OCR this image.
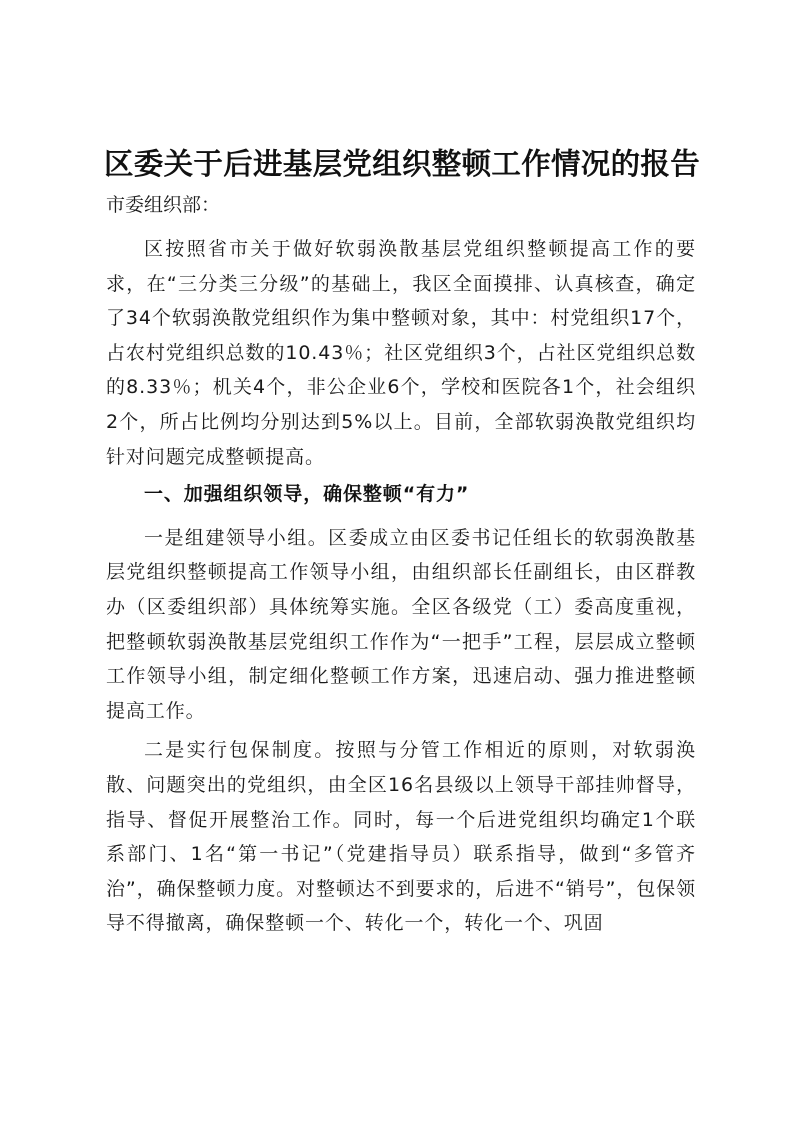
区委关于后进基层党组织整顿工作情况的报告
市委组织部：

区按照省市关于做好软弱涣散基层党组织整顿提高工作的要求，在“三分类三分级”的基础上，我区全面摸排、认真核查，确定了34个软弱涣散党组织作为集中整顿对象，其中：村党组织17个，占农村党组织总数的10.43％；社区党组织3个，占社区党组织总数的8.33％；机关4个，非公企业6个，学校和医院各1个，社会组织2个，所占比例均分别达到5%以上。目前，全部软弱涣散党组织均针对问题完成整顿提高。

一、加强组织领导，确保整顿“有力”

一是组建领导小组。区委成立由区委书记任组长的软弱涣散基层党组织整顿提高工作领导小组，由组织部长任副组长，由区群教办（区委组织部）具体统筹实施。全区各级党（工）委高度重视，把整顿软弱涣散基层党组织工作作为“一把手”工程，层层成立整顿工作领导小组，制定细化整顿工作方案，迅速启动、强力推进整顿提高工作。

二是实行包保制度。按照与分管工作相近的原则，对软弱涣散、问题突出的党组织，由全区16名县级以上领导干部挂帅督导，指导、督促开展整治工作。同时，每一个后进党组织均确定1个联系部门、1名“第一书记”（党建指导员）联系指导，做到“多管齐治”，确保整顿力度。对整顿达不到要求的，后进不“销号”，包保领导不得撤离，确保整顿一个、转化一个，转化一个、巩固
